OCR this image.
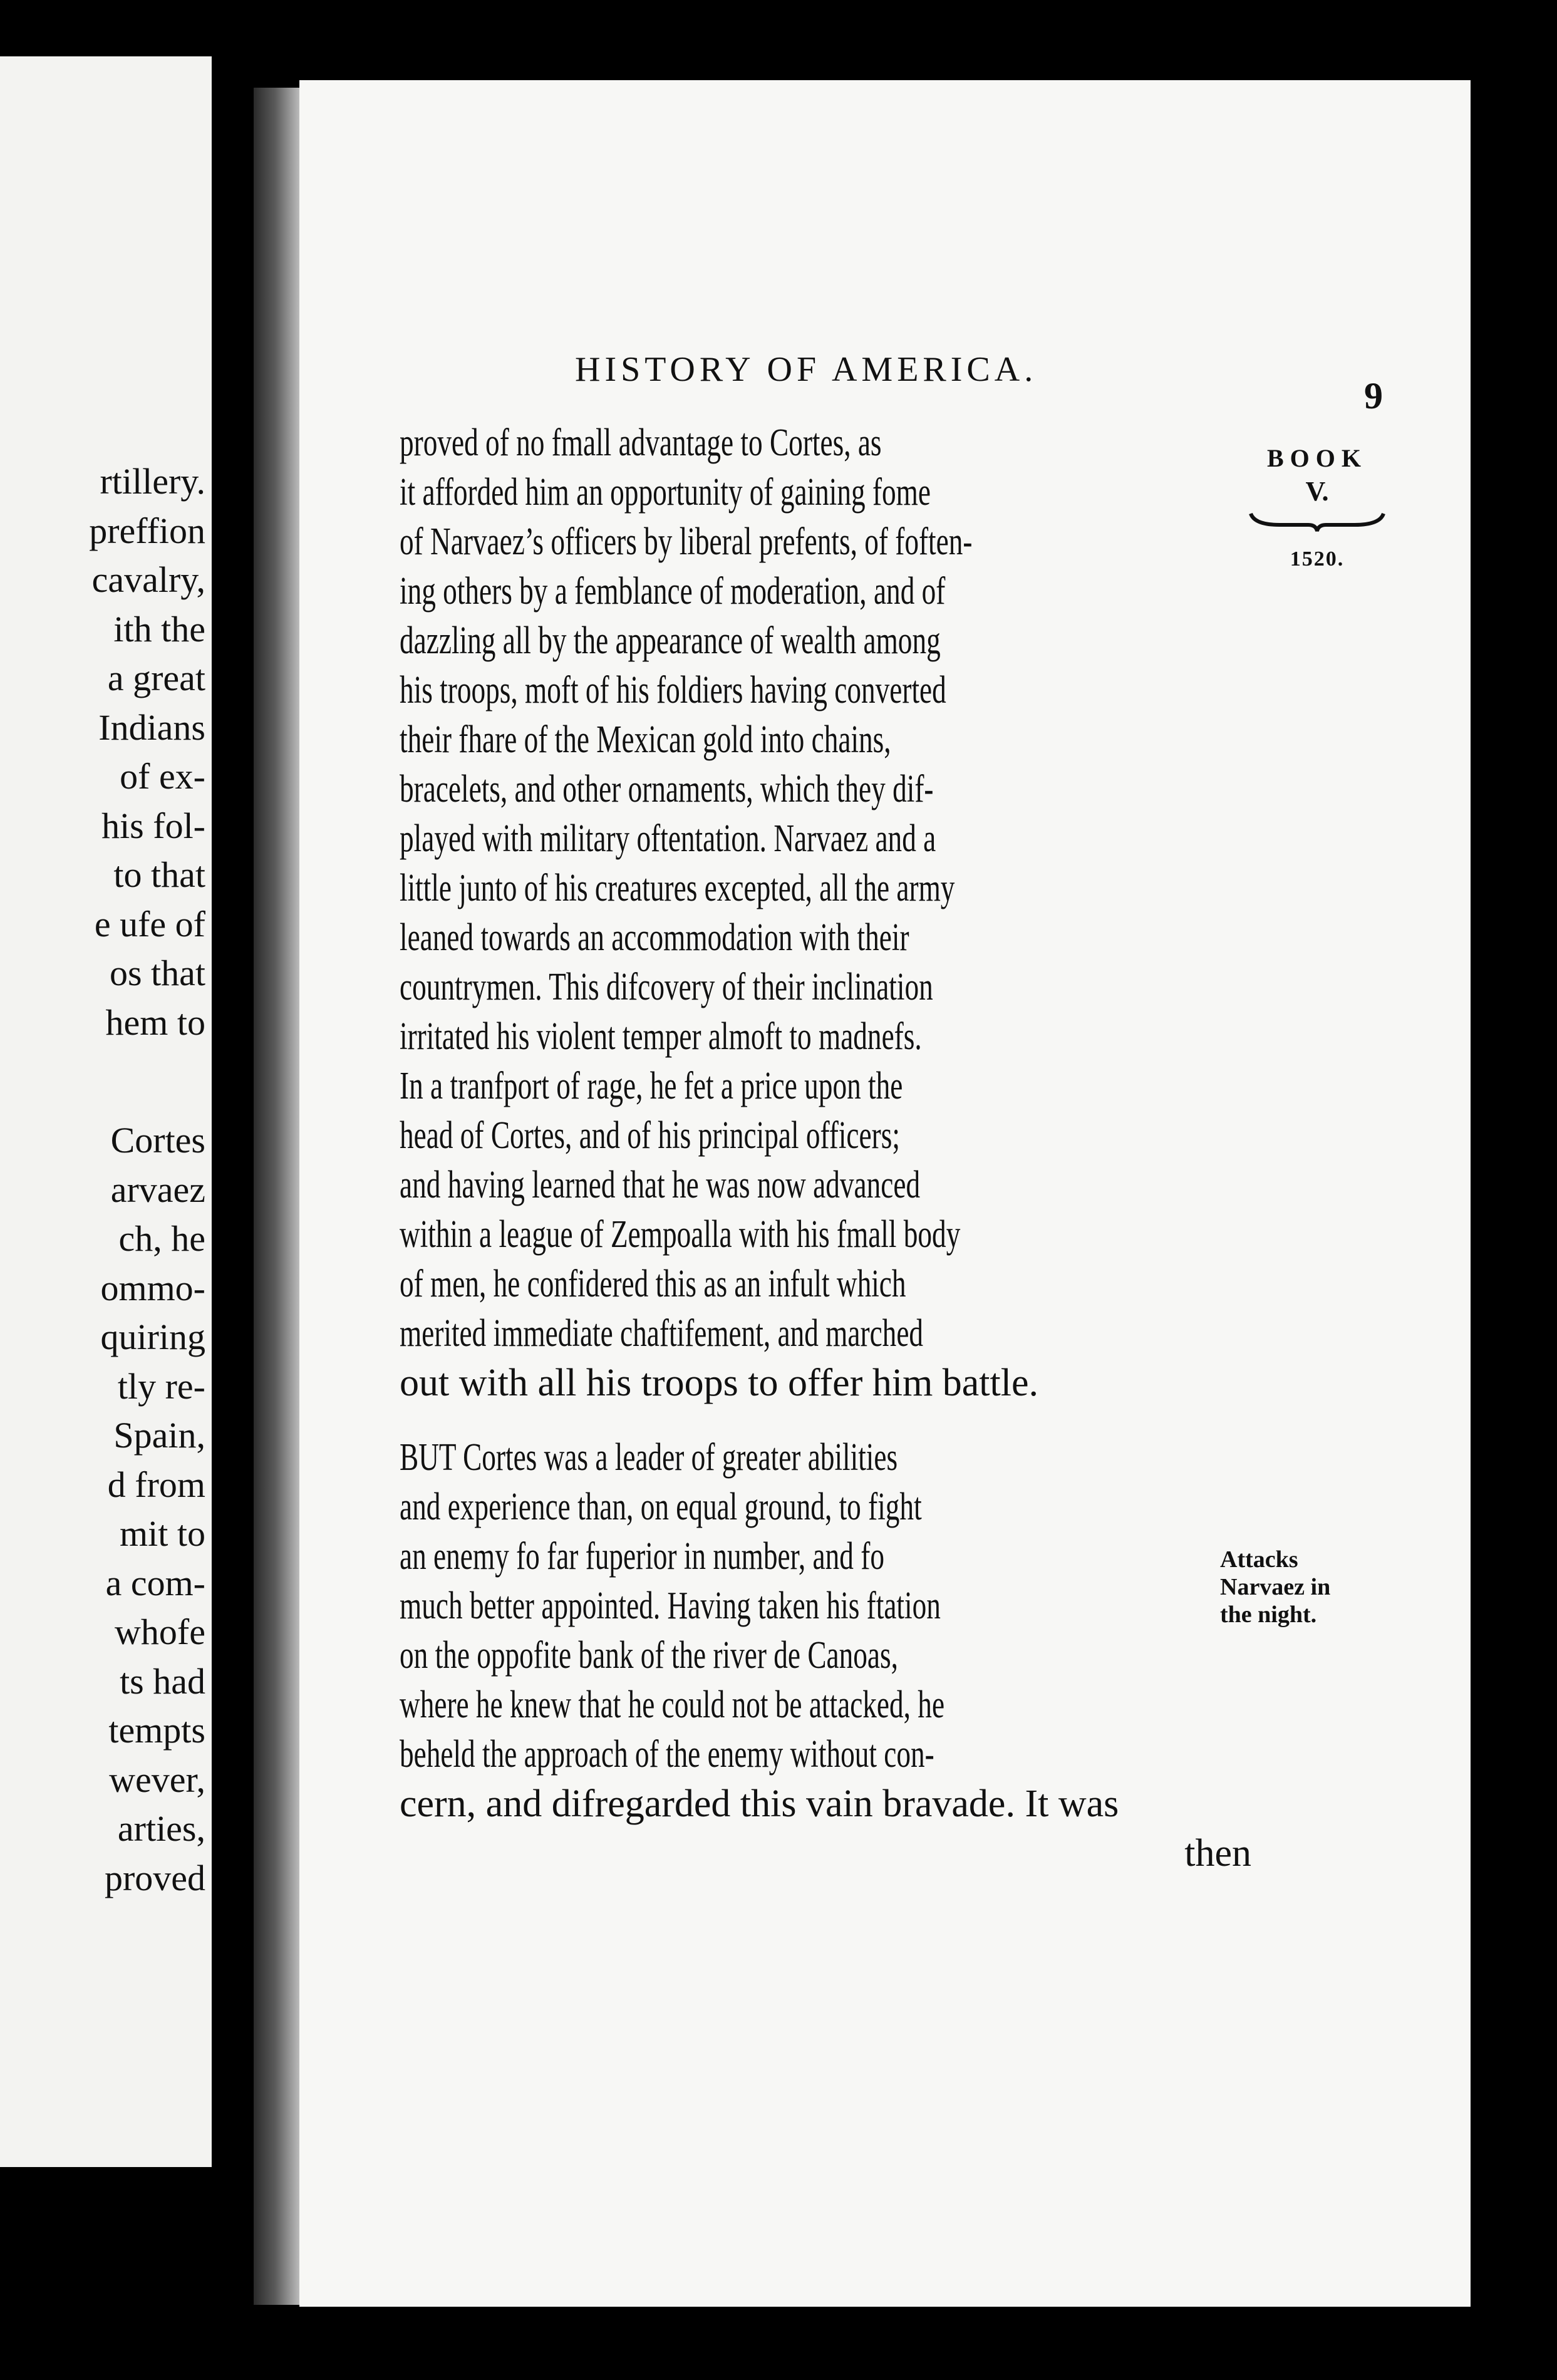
rtillery.
preffion
cavalry,
ith the
a great
Indians
of ex-
his fol-
to that
e ufe of
os that
hem to
Cortes
arvaez
ch, he
ommo-
quiring
tly re-
Spain,
d from
mit to
a com-
whofe
ts had
tempts
wever,
arties,
proved
HISTORY OF AMERICA.
9
BOOK
V.
1520.
proved of no fmall advantage to Cortes, as
it afforded him an opportunity of gaining fome
of Narvaez’s officers by liberal prefents, of foften-
ing others by a femblance of moderation, and of
dazzling all by the appearance of wealth among
his troops, moft of his foldiers having converted
their fhare of the Mexican gold into chains,
bracelets, and other ornaments, which they dif-
played with military oftentation. Narvaez and a
little junto of his creatures excepted, all the army
leaned towards an accommodation with their
countrymen. This difcovery of their inclination
irritated his violent temper almoft to madnefs.
In a tranfport of rage, he fet a price upon the
head of Cortes, and of his principal officers;
and having learned that he was now advanced
within a league of Zempoalla with his fmall body
of men, he confidered this as an infult which
merited immediate chaftifement, and marched
out with all his troops to offer him battle.
BUT Cortes was a leader of greater abilities
and experience than, on equal ground, to fight
an enemy fo far fuperior in number, and fo
much better appointed. Having taken his ftation
on the oppofite bank of the river de Canoas,
where he knew that he could not be attacked, he
beheld the approach of the enemy without con-
cern, and difregarded this vain bravade. It was
then
Attacks
Narvaez in
the night.
